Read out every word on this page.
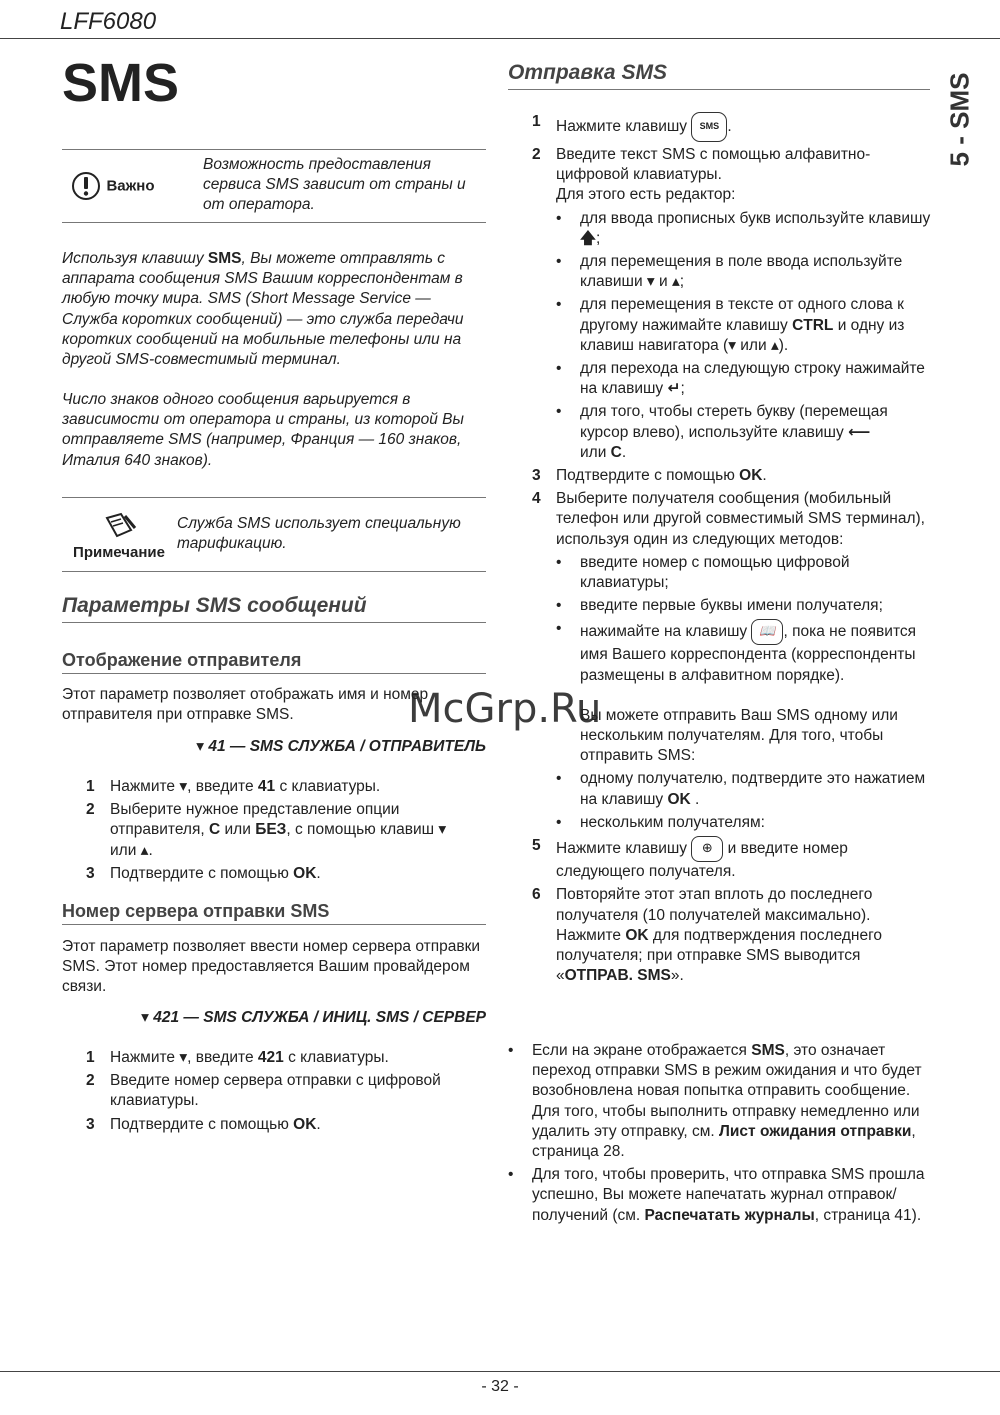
LFF6080
5 - SMS
SMS
Важно
Возможность предоставления сервиса SMS зависит от страны и от оператора.
Используя клавишу SMS, Вы можете отправлять с аппарата сообщения SMS Вашим корреспондентам в любую точку мира. SMS (Short Message Service — Служба коротких сообщений) — это служба передачи коротких сообщений на мобильные телефоны или на другой SMS-совместимый терминал.
Число знаков одного сообщения варьируется в зависимости от оператора и страны, из которой Вы отправляете SMS (например, Франция — 160 знаков, Италия 640 знаков).
Примечание
Служба SMS использует специальную тарификацию.
Параметры SMS сообщений
Отображение отправителя
Этот параметр позволяет отображать имя и номер отправителя при отправке SMS.
▾ 41 — SMS СЛУЖБА / ОТПРАВИТЕЛЬ
1 Нажмите ▾, введите 41 с клавиатуры.
2 Выберите нужное представление опции отправителя, С или БЕЗ, с помощью клавиш ▾
или ▴.
3 Подтвердите с помощью OK.
Номер сервера отправки SMS
Этот параметр позволяет ввести номер сервера отправки SMS. Этот номер предоставляется Вашим провайдером связи.
▾ 421 — SMS СЛУЖБА / ИНИЦ. SMS / СЕРВЕР
1 Нажмите ▾, введите 421 с клавиатуры.
2 Введите номер сервера отправки с цифровой клавиатуры.
3 Подтвердите с помощью OK.
Отправка SMS
1 Нажмите клавишу SMS .
2 Введите текст SMS с помощью алфавитно-цифровой клавиатуры.
Для этого есть редактор:
• для ввода прописных букв используйте клавишу 🡅;
• для перемещения в поле ввода используйте клавиши ▾ и ▴;
• для перемещения в тексте от одного слова к другому нажимайте клавишу CTRL и одну из клавиш навигатора (▾ или ▴).
• для перехода на следующую строку нажимайте на клавишу ↵;
• для того, чтобы стереть букву (перемещая курсор влево), используйте клавишу ⟵
или C.
3 Подтвердите с помощью OK.
4 Выберите получателя сообщения (мобильный телефон или другой совместимый SMS терминал), используя один из следующих методов:
• введите номер с помощью цифровой клавиатуры;
• введите первые буквы имени получателя;
• нажимайте на клавишу 📖 , пока не появится имя Вашего корреспондента (корреспонденты размещены в алфавитном порядке).
Вы можете отправить Ваш SMS одному или нескольким получателям. Для того, чтобы отправить SMS:
• одному получателю, подтвердите это нажатием на клавишу OK .
• нескольким получателям:
5 Нажмите клавишу ⊕ и введите номер следующего получателя.
6 Повторяйте этот этап вплоть до последнего получателя (10 получателей максимально). Нажмите OK для подтверждения последнего получателя; при отправке SMS выводится «ОТПРАВ. SMS».
• Если на экране отображается SMS, это означает переход отправки SMS в режим ожидания и что будет возобновлена новая попытка отправить сообщение. Для того, чтобы выполнить отправку немедленно или удалить эту отправку, см. Лист ожидания отправки, страница 28.
• Для того, чтобы проверить, что отправка SMS прошла успешно, Вы можете напечатать журнал отправок/получений (см. Распечатать журналы, страница 41).
McGrp.Ru
- 32 -
